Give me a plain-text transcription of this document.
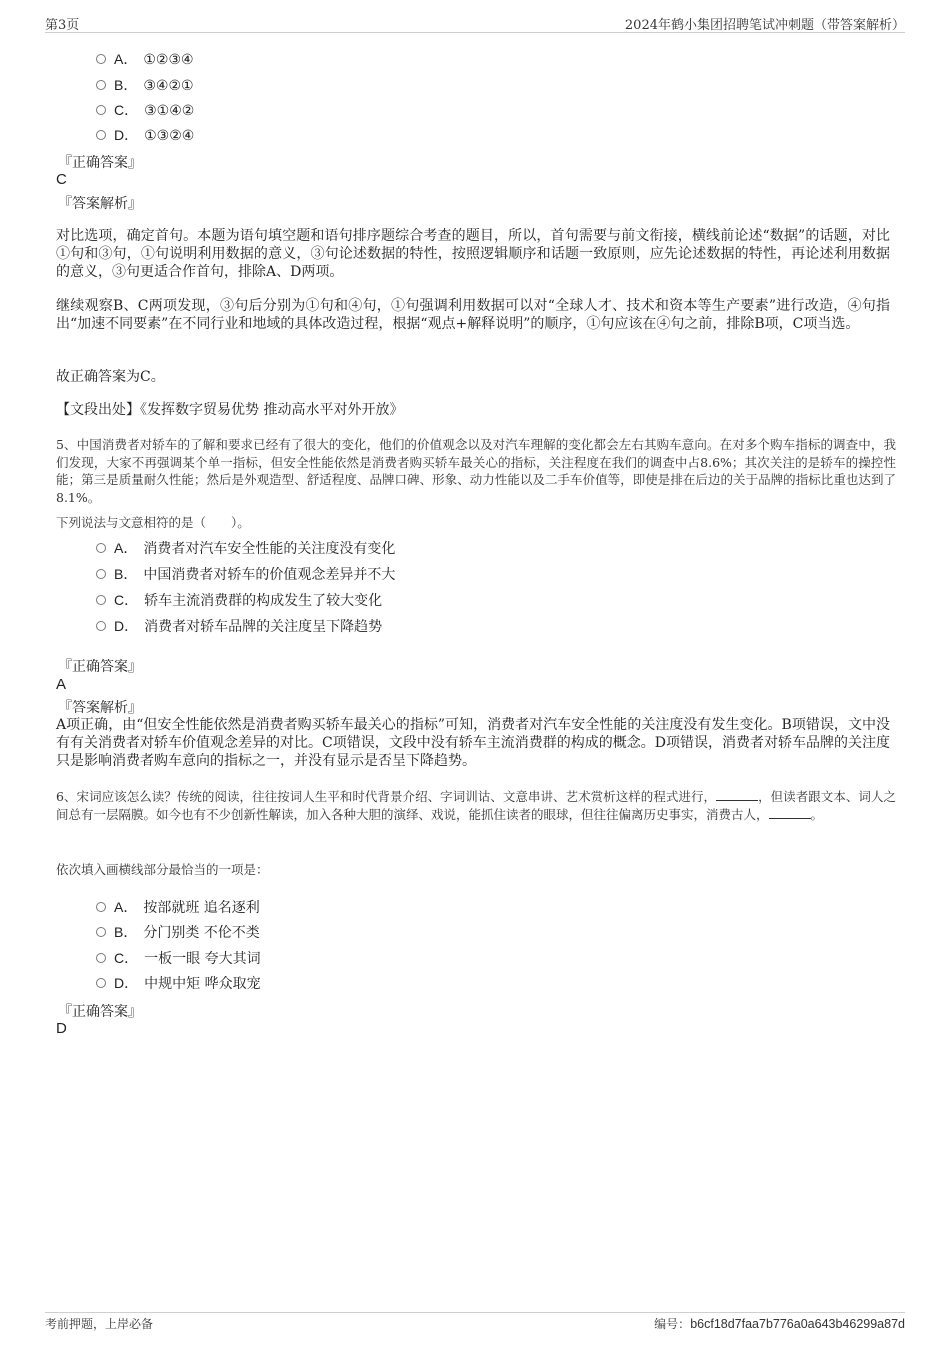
第3页	2024年鹤小集团招聘笔试冲刺题（带答案解析）
A． ①②③④
B． ③④②①
C． ③①④②
D． ①③②④
『正确答案』
C
『答案解析』
对比选项，确定首句。本题为语句填空题和语句排序题综合考查的题目，所以，首句需要与前文衔接，横线前论述“数据”的话题，对比①句和③句，①句说明利用数据的意义，③句论述数据的特性，按照逻辑顺序和话题一致原则，应先论述数据的特性，再论述利用数据的意义，③句更适合作首句，排除A、D两项。
继续观察B、C两项发现，③句后分别为①句和④句，①句强调利用数据可以对“全球人才、技术和资本等生产要素”进行改造，④句指出“加速不同要素”在不同行业和地域的具体改造过程，根据“观点+解释说明”的顺序，①句应该在④句之前，排除B项，C项当选。
故正确答案为C。
【文段出处】《发挥数字贸易优势 推动高水平对外开放》
5、中国消费者对轿车的了解和要求已经有了很大的变化，他们的价值观念以及对汽车理解的变化都会左右其购车意向。在对多个购车指标的调查中，我们发现，大家不再强调某个单一指标，但安全性能依然是消费者购买轿车最关心的指标，关注程度在我们的调查中占8.6%；其次关注的是轿车的操控性能；第三是质量耐久性能；然后是外观造型、舒适程度、品牌口碑、形象、动力性能以及二手车价值等，即使是排在后边的关于品牌的指标比重也达到了8.1%。
下列说法与文意相符的是（　　）。
A． 消费者对汽车安全性能的关注度没有变化
B． 中国消费者对轿车的价值观念差异并不大
C． 轿车主流消费群的构成发生了较大变化
D． 消费者对轿车品牌的关注度呈下降趋势
『正确答案』
A
『答案解析』
A项正确，由“但安全性能依然是消费者购买轿车最关心的指标”可知，消费者对汽车安全性能的关注度没有发生变化。B项错误，文中没有有关消费者对轿车价值观念差异的对比。C项错误，文段中没有轿车主流消费群的构成的概念。D项错误，消费者对轿车品牌的关注度只是影响消费者购车意向的指标之一，并没有显示是否呈下降趋势。
6、宋词应该怎么读？传统的阅读，往往按词人生平和时代背景介绍、字词训诂、文意串讲、艺术赏析这样的程式进行，	，但读者跟文本、词人之间总有一层隔膜。如今也有不少创新性解读，加入各种大胆的演绎、戏说，能抓住读者的眼球，但往往偏离历史事实，消费古人，	。
依次填入画横线部分最恰当的一项是：
A． 按部就班 追名逐利
B． 分门别类 不伦不类
C． 一板一眼 夸大其词
D． 中规中矩 哗众取宠
『正确答案』
D
考前押题，上岸必备	编号：b6cf18d7faa7b776a0a643b46299a87d
